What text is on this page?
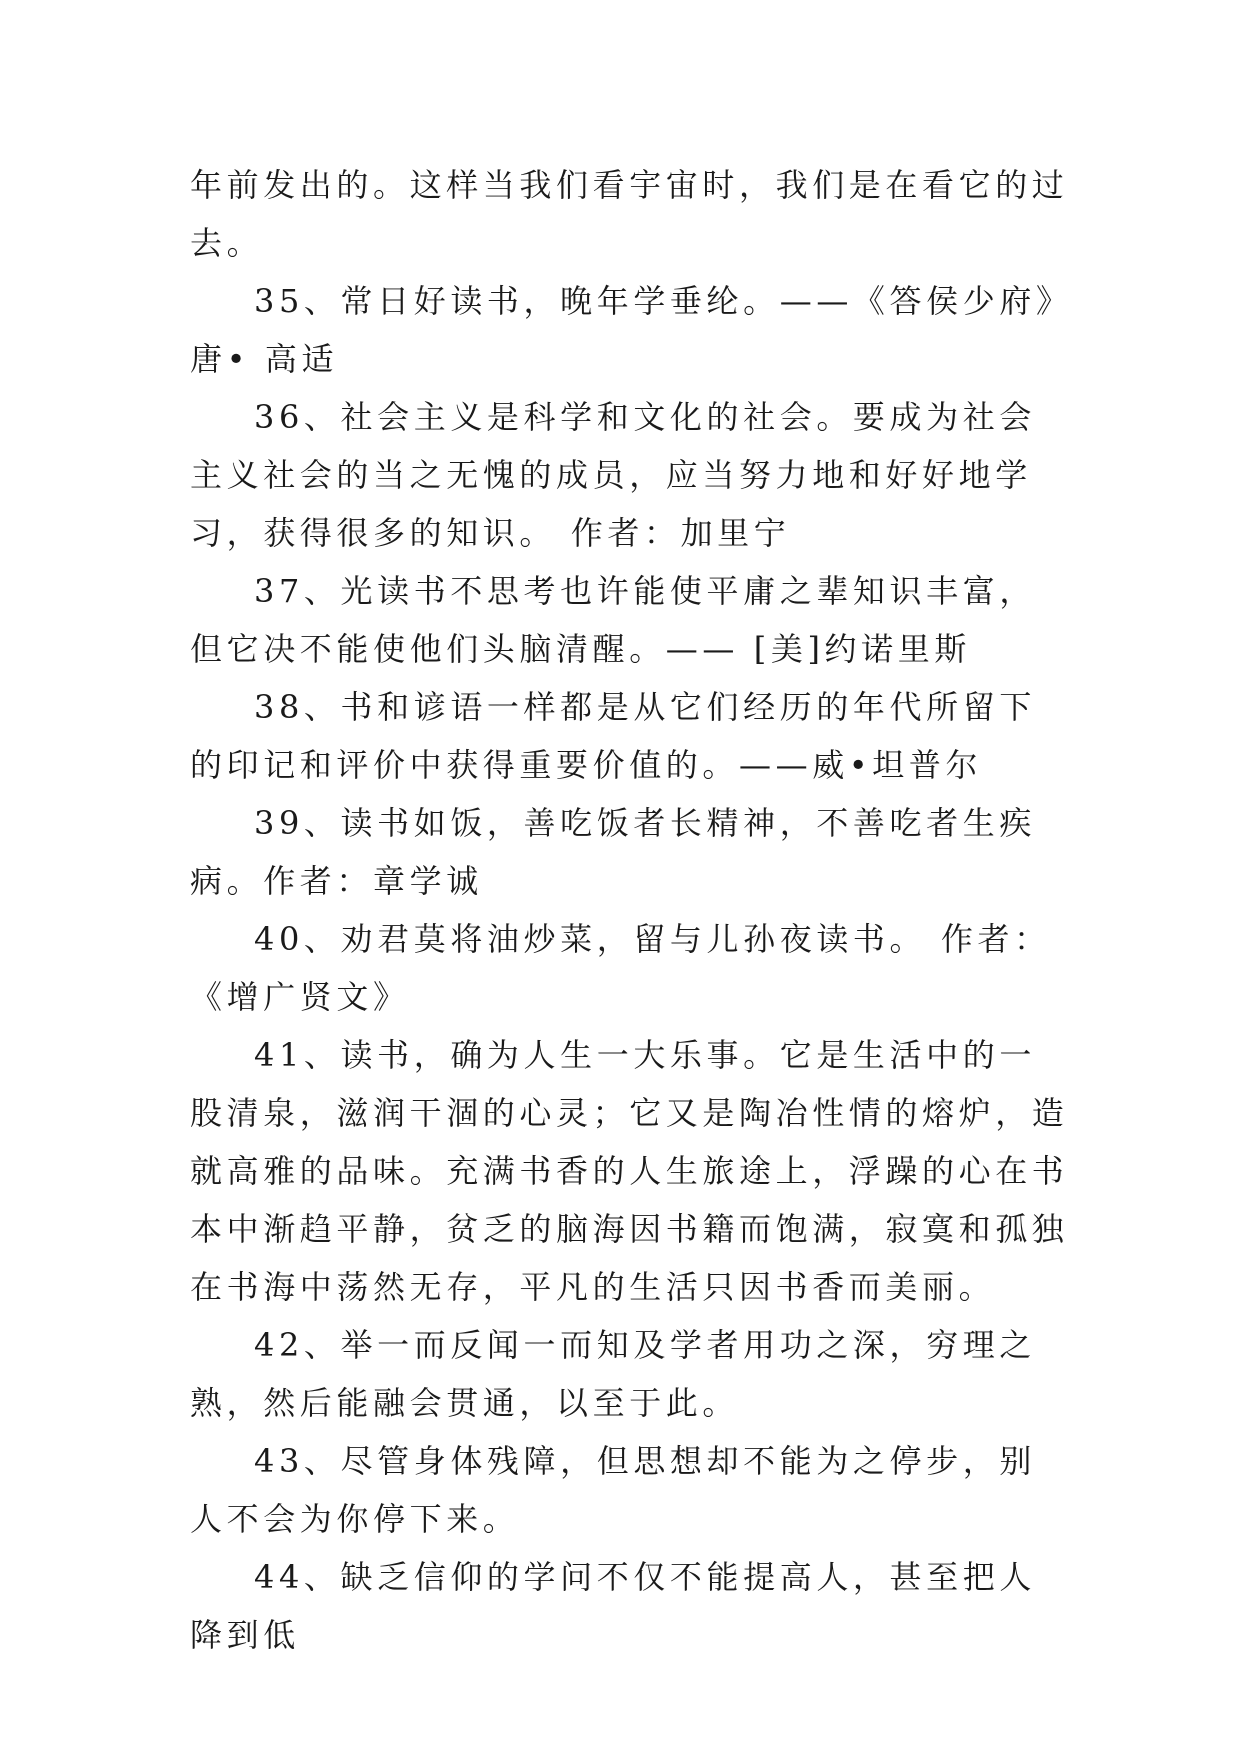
年前发出的。这样当我们看宇宙时，我们是在看它的过去。

35、常日好读书，晚年学垂纶。——《答侯少府》唐• 高适

36、社会主义是科学和文化的社会。要成为社会主义社会的当之无愧的成员，应当努力地和好好地学习，获得很多的知识。 作者：加里宁

37、光读书不思考也许能使平庸之辈知识丰富，但它决不能使他们头脑清醒。—— [美]约诺里斯

38、书和谚语一样都是从它们经历的年代所留下的印记和评价中获得重要价值的。——威•坦普尔

39、读书如饭，善吃饭者长精神，不善吃者生疾病。作者：章学诚

40、劝君莫将油炒菜，留与儿孙夜读书。 作者：《增广贤文》

41、读书，确为人生一大乐事。它是生活中的一股清泉，滋润干涸的心灵；它又是陶冶性情的熔炉，造就高雅的品味。充满书香的人生旅途上，浮躁的心在书本中渐趋平静，贫乏的脑海因书籍而饱满，寂寞和孤独在书海中荡然无存，平凡的生活只因书香而美丽。

42、举一而反闻一而知及学者用功之深，穷理之熟，然后能融会贯通，以至于此。

43、尽管身体残障，但思想却不能为之停步，别人不会为你停下来。

44、缺乏信仰的学问不仅不能提高人，甚至把人降到低
